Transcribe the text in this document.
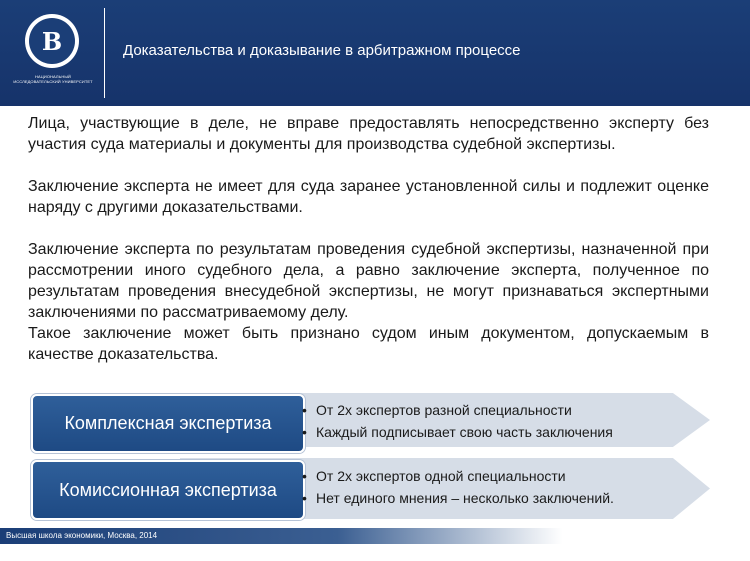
В
НАЦИОНАЛЬНЫЙ ИССЛЕДОВАТЕЛЬСКИЙ УНИВЕРСИТЕТ
Доказательства и доказывание в арбитражном процессе

Лица, участвующие в деле, не вправе предоставлять непосредственно эксперту без участия суда материалы и документы для производства судебной экспертизы.

Заключение эксперта не имеет для суда заранее установленной силы и подлежит оценке наряду с другими доказательствами.

Заключение эксперта по результатам проведения судебной экспертизы, назначенной при рассмотрении иного судебного дела, а равно заключение эксперта, полученное по результатам проведения внесудебной экспертизы, не могут признаваться экспертными заключениями по рассматриваемому делу.

Такое заключение может быть признано судом иным документом, допускаемым в качестве доказательства.

Комплексная экспертиза
• От 2х экспертов разной специальности
• Каждый подписывает свою часть заключения
Комиссионная экспертиза
• От 2х экспертов одной специальности
• Нет единого мнения – несколько заключений.
Высшая школа экономики, Москва, 2014
